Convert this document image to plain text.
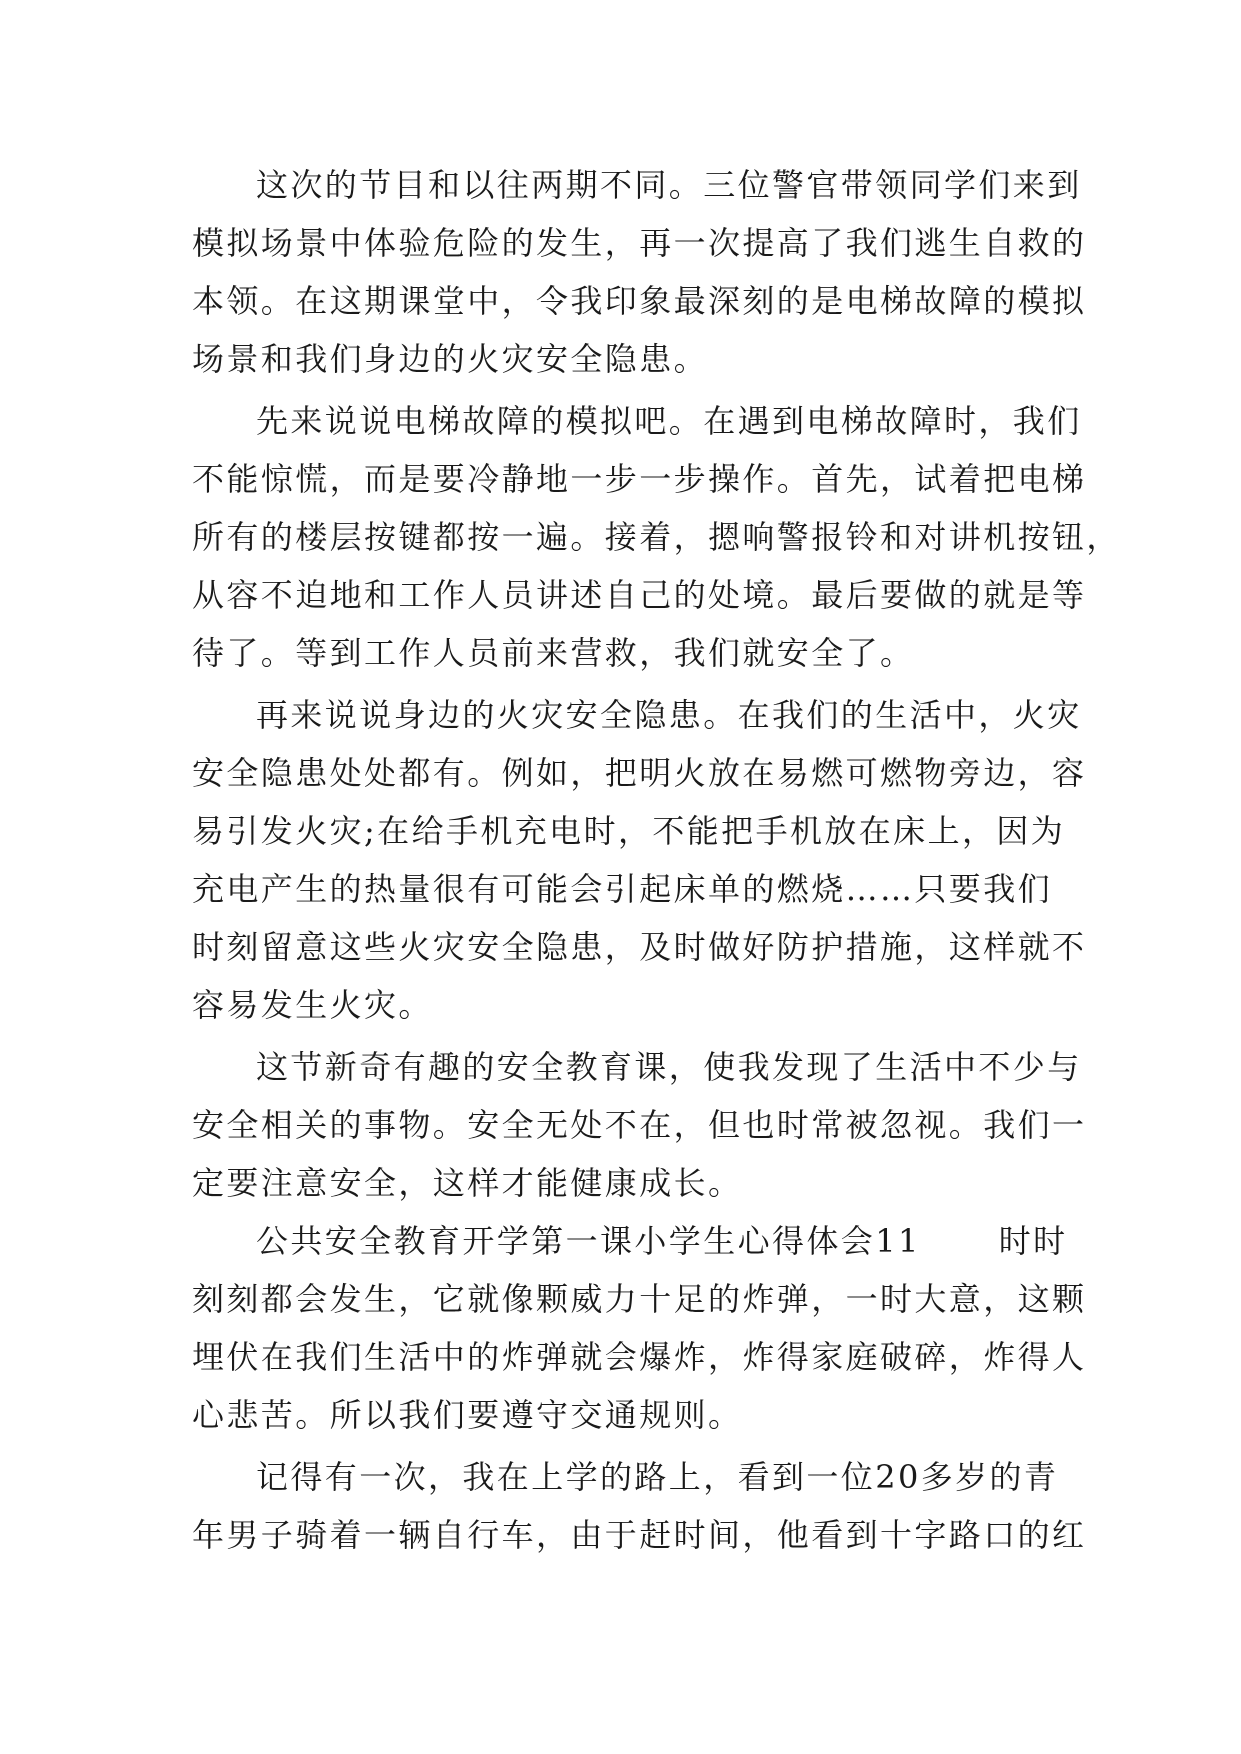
这次的节目和以往两期不同。三位警官带领同学们来到
模拟场景中体验危险的发生，再一次提高了我们逃生自救的
本领。在这期课堂中，令我印象最深刻的是电梯故障的模拟
场景和我们身边的火灾安全隐患。
先来说说电梯故障的模拟吧。在遇到电梯故障时，我们
不能惊慌，而是要冷静地一步一步操作。首先，试着把电梯
所有的楼层按键都按一遍。接着，摁响警报铃和对讲机按钮，
从容不迫地和工作人员讲述自己的处境。最后要做的就是等
待了。等到工作人员前来营救，我们就安全了。
再来说说身边的火灾安全隐患。在我们的生活中，火灾
安全隐患处处都有。例如，把明火放在易燃可燃物旁边，容
易引发火灾;在给手机充电时，不能把手机放在床上，因为
充电产生的热量很有可能会引起床单的燃烧……只要我们
时刻留意这些火灾安全隐患，及时做好防护措施，这样就不
容易发生火灾。
这节新奇有趣的安全教育课，使我发现了生活中不少与
安全相关的事物。安全无处不在，但也时常被忽视。我们一
定要注意安全，这样才能健康成长。
公共安全教育开学第一课小学生心得体会11 时时
刻刻都会发生，它就像颗威力十足的炸弹，一时大意，这颗
埋伏在我们生活中的炸弹就会爆炸，炸得家庭破碎，炸得人
心悲苦。所以我们要遵守交通规则。
记得有一次，我在上学的路上，看到一位20多岁的青
年男子骑着一辆自行车，由于赶时间，他看到十字路口的红
